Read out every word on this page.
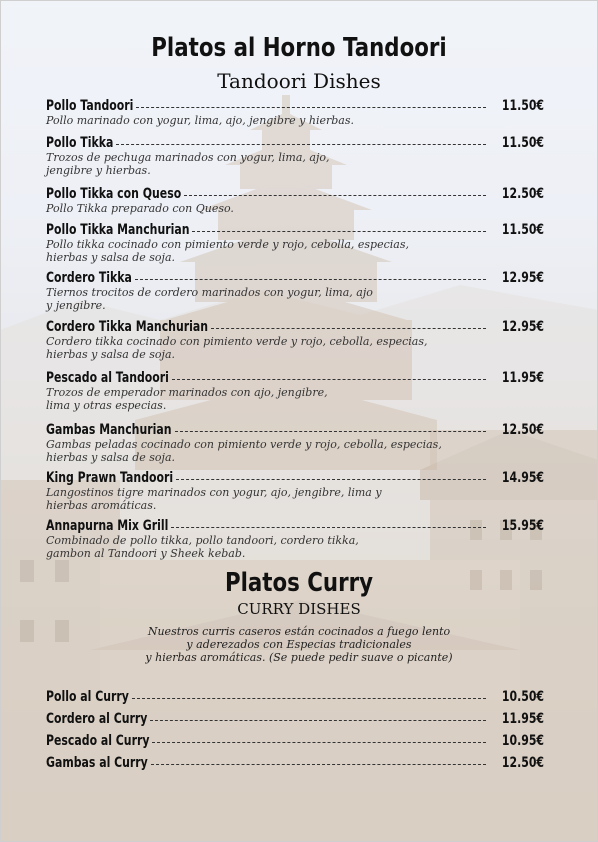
Platos al Horno Tandoori
Tandoori Dishes
Pollo Tandoori	11.50€
Pollo marinado con yogur, lima, ajo, jengibre y hierbas.
Pollo Tikka	11.50€
Trozos de pechuga marinados con yogur, lima, ajo,
jengibre y hierbas.
Pollo Tikka con Queso	12.50€
Pollo Tikka preparado con Queso.
Pollo Tikka Manchurian	11.50€
Pollo tikka cocinado con pimiento verde y rojo, cebolla, especias,
hierbas y salsa de soja.
Cordero Tikka	12.95€
Tiernos trocitos de cordero marinados con yogur, lima, ajo
y jengibre.
Cordero Tikka Manchurian	12.95€
Cordero tikka cocinado con pimiento verde y rojo, cebolla, especias,
hierbas y salsa de soja.
Pescado al Tandoori	11.95€
Trozos de emperador marinados con ajo, jengibre,
lima y otras especias.
Gambas Manchurian	12.50€
Gambas peladas cocinado con pimiento verde y rojo, cebolla, especias,
hierbas y salsa de soja.
King Prawn Tandoori	14.95€
Langostinos tigre marinados con yogur, ajo, jengibre, lima y
hierbas aromáticas.
Annapurna Mix Grill	15.95€
Combinado de pollo tikka, pollo tandoori, cordero tikka,
gambon al Tandoori y Sheek kebab.
Platos Curry
CURRY DISHES
Nuestros curris caseros están cocinados a fuego lento
y aderezados con Especias tradicionales
y hierbas aromáticas. (Se puede pedir suave o picante)
Pollo al Curry	10.50€
Cordero al Curry	11.95€
Pescado al Curry	10.95€
Gambas al Curry	12.50€
